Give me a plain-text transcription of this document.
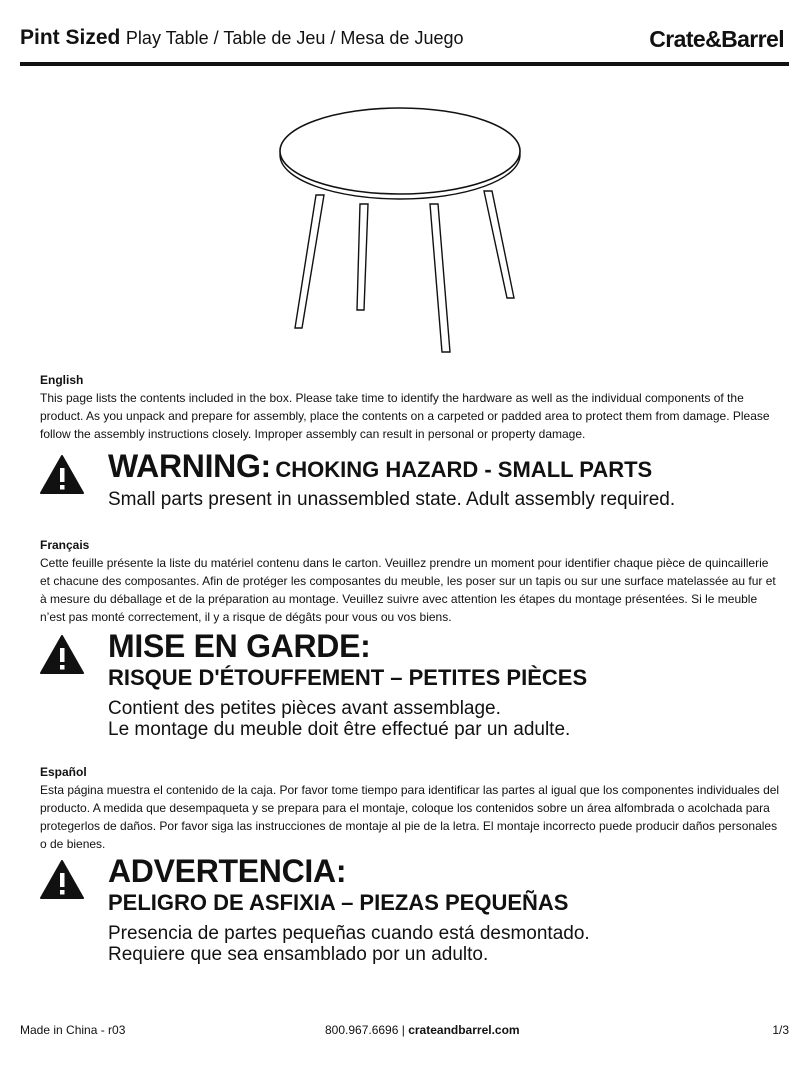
Pint Sized Play Table / Table de Jeu / Mesa de Juego	Crate&Barrel

English

This page lists the contents included in the box. Please take time to identify the hardware as well as the individual components of the product. As you unpack and prepare for assembly, place the contents on a carpeted or padded area to protect them from damage. Please follow the assembly instructions closely. Improper assembly can result in personal or property damage.

WARNING: CHOKING HAZARD - SMALL PARTS

Small parts present in unassembled state. Adult assembly required.

Français

Cette feuille présente la liste du matériel contenu dans le carton. Veuillez prendre un moment pour identifier chaque pièce de quincaillerie et chacune des composantes. Afin de protéger les composantes du meuble, les poser sur un tapis ou sur une surface matelassée au fur et à mesure du déballage et de la préparation au montage. Veuillez suivre avec attention les étapes du montage présentées. Si le meuble n’est pas monté correctement, il y a risque de dégâts pour vous ou vos biens.

MISE EN GARDE:

RISQUE D'ÉTOUFFEMENT – PETITES PIÈCES

Contient des petites pièces avant assemblage.

Le montage du meuble doit être effectué par un adulte.

Español

Esta página muestra el contenido de la caja. Por favor tome tiempo para identificar las partes al igual que los componentes individuales del producto. A medida que desempaqueta y se prepara para el montaje, coloque los contenidos sobre un área alfombrada o acolchada para protegerlos de daños. Por favor siga las instrucciones de montaje al pie de la letra. El montaje incorrecto puede producir daños personales o de bienes.

ADVERTENCIA:

PELIGRO DE ASFIXIA – PIEZAS PEQUEÑAS

Presencia de partes pequeñas cuando está desmontado.

Requiere que sea ensamblado por un adulto.

Made in China - r03	800.967.6696 | crateandbarrel.com	1/3
